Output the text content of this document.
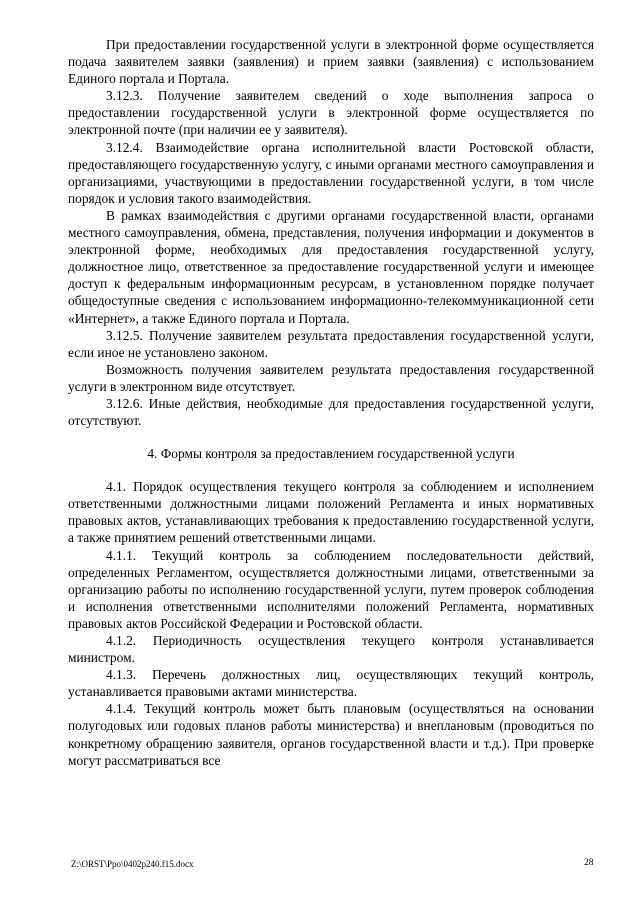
При предоставлении государственной услуги в электронной форме осуществляется подача заявителем заявки (заявления) и прием заявки (заявления) с использованием Единого портала и Портала.

3.12.3. Получение заявителем сведений о ходе выполнения запроса о предоставлении государственной услуги в электронной форме осуществляется по электронной почте (при наличии ее у заявителя).

3.12.4. Взаимодействие органа исполнительной власти Ростовской области, предоставляющего государственную услугу, с иными органами местного самоуправления и организациями, участвующими в предоставлении государственной услуги, в том числе порядок и условия такого взаимодействия.

В рамках взаимодействия с другими органами государственной власти, органами местного самоуправления, обмена, представления, получения информации и документов в электронной форме, необходимых для предоставления государственной услугу, должностное лицо, ответственное за предоставление государственной услуги и имеющее доступ к федеральным информационным ресурсам, в установленном порядке получает общедоступные сведения с использованием информационно-телекоммуникационной сети «Интернет», а также Единого портала и Портала.

3.12.5. Получение заявителем результата предоставления государственной услуги, если иное не установлено законом.

Возможность получения заявителем результата предоставления государственной услуги в электронном виде отсутствует.

3.12.6. Иные действия, необходимые для предоставления государственной услуги, отсутствуют.

4. Формы контроля за предоставлением государственной услуги

4.1. Порядок осуществления текущего контроля за соблюдением и исполнением ответственными должностными лицами положений Регламента и иных нормативных правовых актов, устанавливающих требования к предоставлению государственной услуги, а также принятием решений ответственными лицами.

4.1.1. Текущий контроль за соблюдением последовательности действий, определенных Регламентом, осуществляется должностными лицами, ответственными за организацию работы по исполнению государственной услуги, путем проверок соблюдения и исполнения ответственными исполнителями положений Регламента, нормативных правовых актов Российской Федерации и Ростовской области.

4.1.2. Периодичность осуществления текущего контроля устанавливается министром.

4.1.3. Перечень должностных лиц, осуществляющих текущий контроль, устанавливается правовыми актами министерства.

4.1.4. Текущий контроль может быть плановым (осуществляться на основании полугодовых или годовых планов работы министерства) и внеплановым (проводиться по конкретному обращению заявителя, органов государственной власти и т.д.). При проверке могут рассматриваться все

Z:\ORST\Ppo\0402p240.f15.docx	28
